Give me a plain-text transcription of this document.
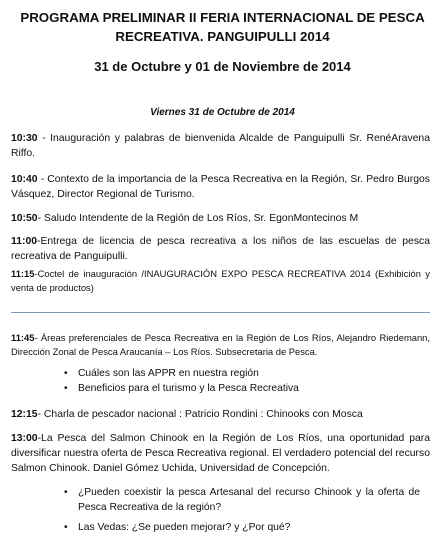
PROGRAMA PRELIMINAR II FERIA INTERNACIONAL DE PESCA
RECREATIVA. PANGUIPULLI 2014
31 de Octubre y 01 de Noviembre de 2014
Viernes 31 de Octubre de 2014
10:30 - Inauguración y palabras de bienvenida Alcalde de Panguipulli Sr. RenéAravena Riffo.
10:40 - Contexto de la importancia de la Pesca Recreativa en la Región, Sr. Pedro Burgos Vásquez, Director Regional de Turismo.
10:50- Saludo Intendente de la Región de Los Ríos, Sr. EgonMontecinos M
11:00-Entrega de licencia de pesca recreativa a los niños de las escuelas de pesca recreativa de Panguipulli.
11:15-Coctel de inauguración /INAUGURACIÓN EXPO PESCA RECREATIVA 2014 (Exhibición y venta de productos)
11:45- Áreas preferenciales de Pesca Recreativa en la Región de Los Ríos, Alejandro Riedemann, Dirección Zonal de Pesca Araucanía – Los Ríos. Subsecretaria de Pesca.
• Cuáles son las APPR en nuestra región
• Beneficios para el turismo y la Pesca Recreativa
12:15- Charla de pescador nacional : Patricio Rondini : Chinooks con Mosca
13:00-La Pesca del Salmon Chinook en la Región de Los Ríos, una oportunidad para diversificar nuestra oferta de Pesca Recreativa regional. El verdadero potencial del recurso Salmon Chinook. Daniel Gómez Uchida, Universidad de Concepción.
• ¿Pueden coexistir la pesca Artesanal del recurso Chinook y la oferta de Pesca Recreativa de la región?
• Las Vedas: ¿Se pueden mejorar? y ¿Por qué?
